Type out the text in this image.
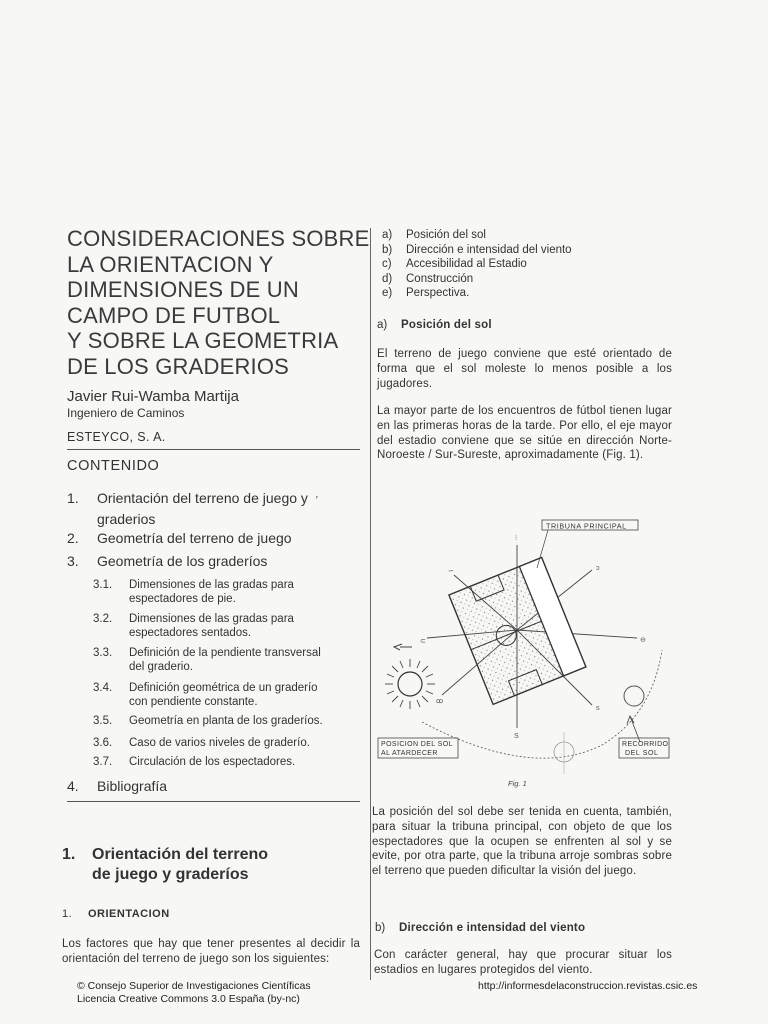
CONSIDERACIONES SOBRE
LA ORIENTACION Y
DIMENSIONES DE UN
CAMPO DE FUTBOL
Y SOBRE LA GEOMETRIA
DE LOS GRADERIOS
Javier Rui-Wamba Martija
Ingeniero de Caminos
ESTEYCO, S. A.
CONTENIDO
1. Orientación del terreno de juego y ′
graderios
2. Geometría del terreno de juego
3. Geometría de los graderíos
3.1. Dimensiones de las gradas para
espectadores de pie.
3.2. Dimensiones de las gradas para
espectadores sentados.
3.3. Definición de la pendiente transversal
del graderio.
3.4. Definición geométrica de un graderío
con pendiente constante.
3.5. Geometría en planta de los graderíos.
3.6. Caso de varios niveles de graderío.
3.7. Circulación de los espectadores.
4. Bibliografía
1. Orientación del terreno
de juego y graderíos
1. ORIENTACION
Los factores que hay que tener presentes al decidir la orientación del terreno de juego son los siguientes:
a) Posición del sol
b) Dirección e intensidad del viento
c) Accesibilidad al Estadio
d) Construcción
e) Perspectiva.
a) Posición del sol
El terreno de juego conviene que esté orientado de forma que el sol moleste lo menos posible a los jugadores.
La mayor parte de los encuentros de fútbol tienen lugar en las primeras horas de la tarde. Por ello, el eje mayor del estadio conviene que se sitúe en dirección Norte-Noroeste / Sur-Sureste, aproximadamente (Fig. 1).
⁝
ↄ
⊖
s
S
ꝏ
⊂
∽
TRIBUNA PRINCIPAL
POSICION DEL SOL
AL ATARDECER
RECORRIDO
DEL SOL
Fig. 1
La posición del sol debe ser tenida en cuenta, también, para situar la tribuna principal, con objeto de que los espectadores que la ocupen se enfrenten al sol y se evite, por otra parte, que la tribuna arroje sombras sobre el terreno que pueden dificultar la visión del juego.
b) Dirección e intensidad del viento
Con carácter general, hay que procurar situar los estadios en lugares protegidos del viento.
© Consejo Superior de Investigaciones Científicas
Licencia Creative Commons 3.0 España (by-nc)
http://informesdelaconstruccion.revistas.csic.es
